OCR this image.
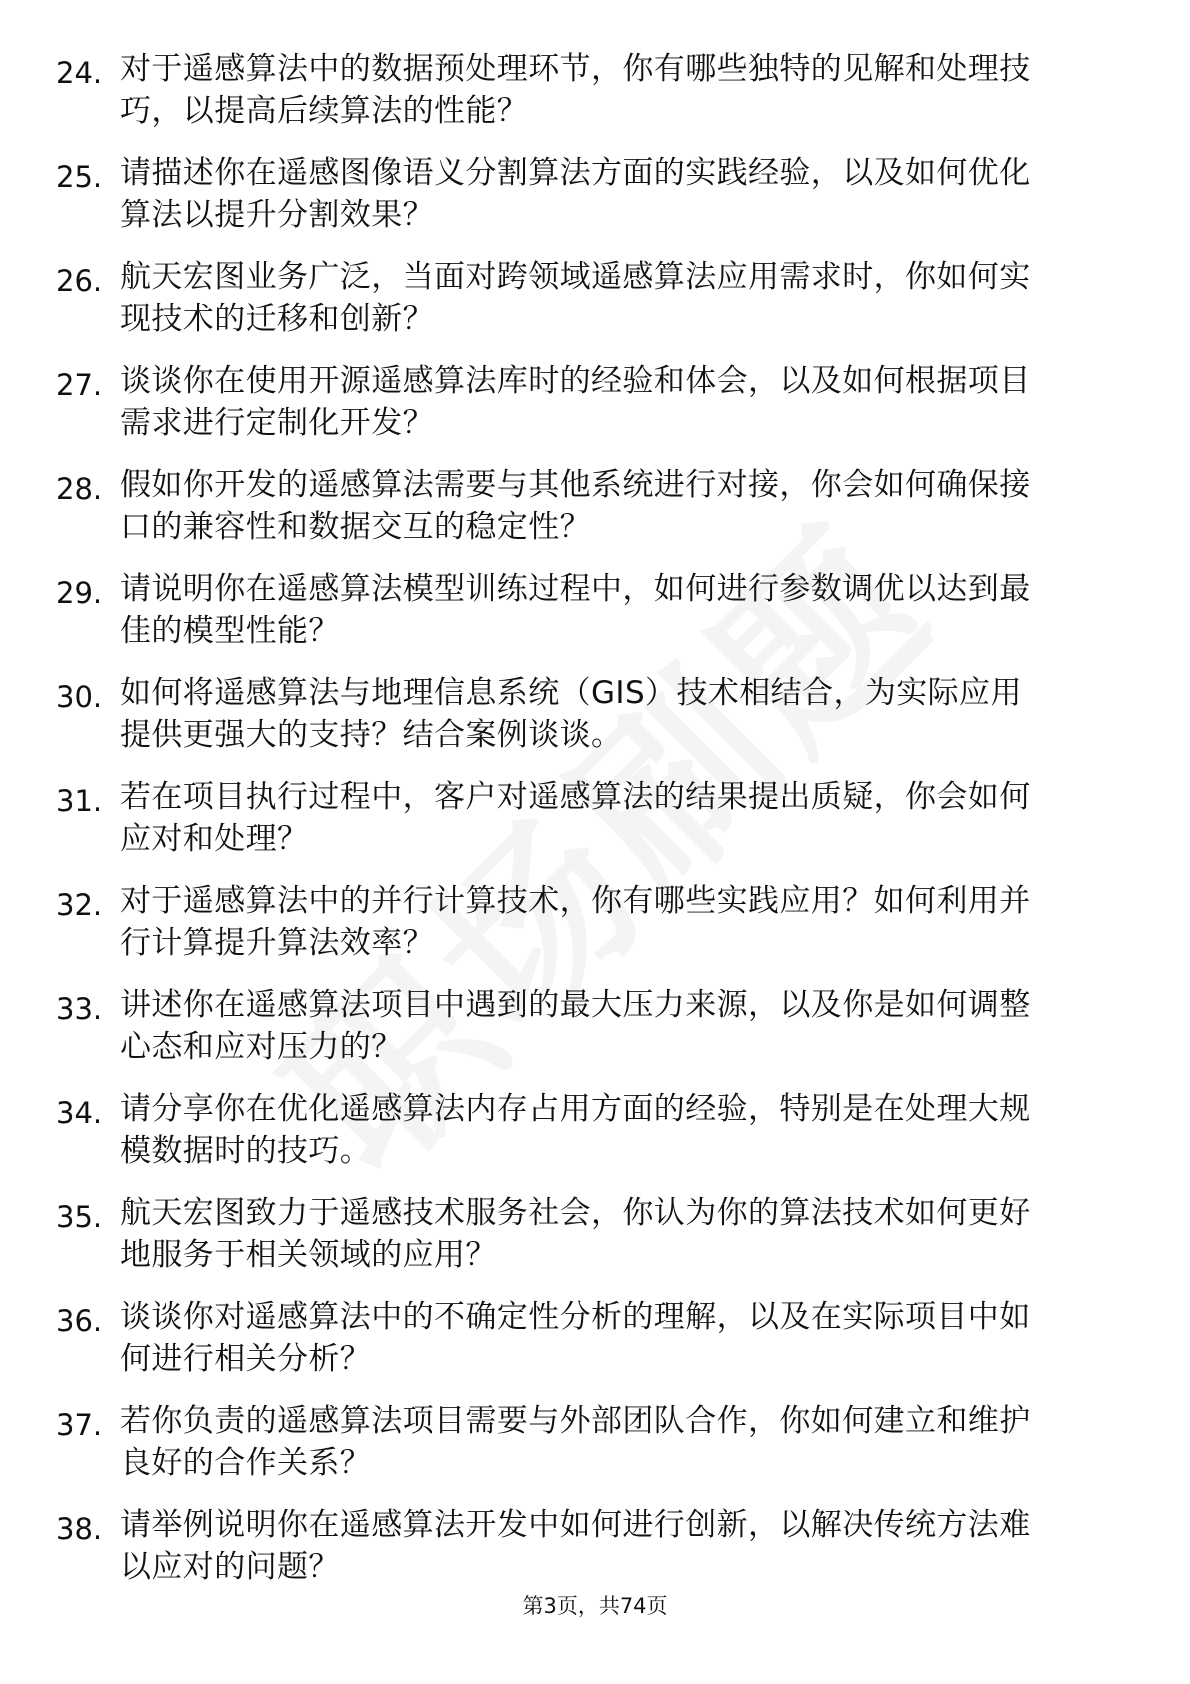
24. 对于遥感算法中的数据预处理环节，你有哪些独特的见解和处理技巧，以提高后续算法的性能？
25. 请描述你在遥感图像语义分割算法方面的实践经验，以及如何优化算法以提升分割效果？
26. 航天宏图业务广泛，当面对跨领域遥感算法应用需求时，你如何实现技术的迁移和创新？
27. 谈谈你在使用开源遥感算法库时的经验和体会，以及如何根据项目需求进行定制化开发？
28. 假如你开发的遥感算法需要与其他系统进行对接，你会如何确保接口的兼容性和数据交互的稳定性？
29. 请说明你在遥感算法模型训练过程中，如何进行参数调优以达到最佳的模型性能？
30. 如何将遥感算法与地理信息系统（GIS）技术相结合，为实际应用提供更强大的支持？结合案例谈谈。
31. 若在项目执行过程中，客户对遥感算法的结果提出质疑，你会如何应对和处理？
32. 对于遥感算法中的并行计算技术，你有哪些实践应用？如何利用并行计算提升算法效率？
33. 讲述你在遥感算法项目中遇到的最大压力来源，以及你是如何调整心态和应对压力的？
34. 请分享你在优化遥感算法内存占用方面的经验，特别是在处理大规模数据时的技巧。
35. 航天宏图致力于遥感技术服务社会，你认为你的算法技术如何更好地服务于相关领域的应用？
36. 谈谈你对遥感算法中的不确定性分析的理解，以及在实际项目中如何进行相关分析？
37. 若你负责的遥感算法项目需要与外部团队合作，你如何建立和维护良好的合作关系？
38. 请举例说明你在遥感算法开发中如何进行创新，以解决传统方法难以应对的问题？
第3页，共74页
